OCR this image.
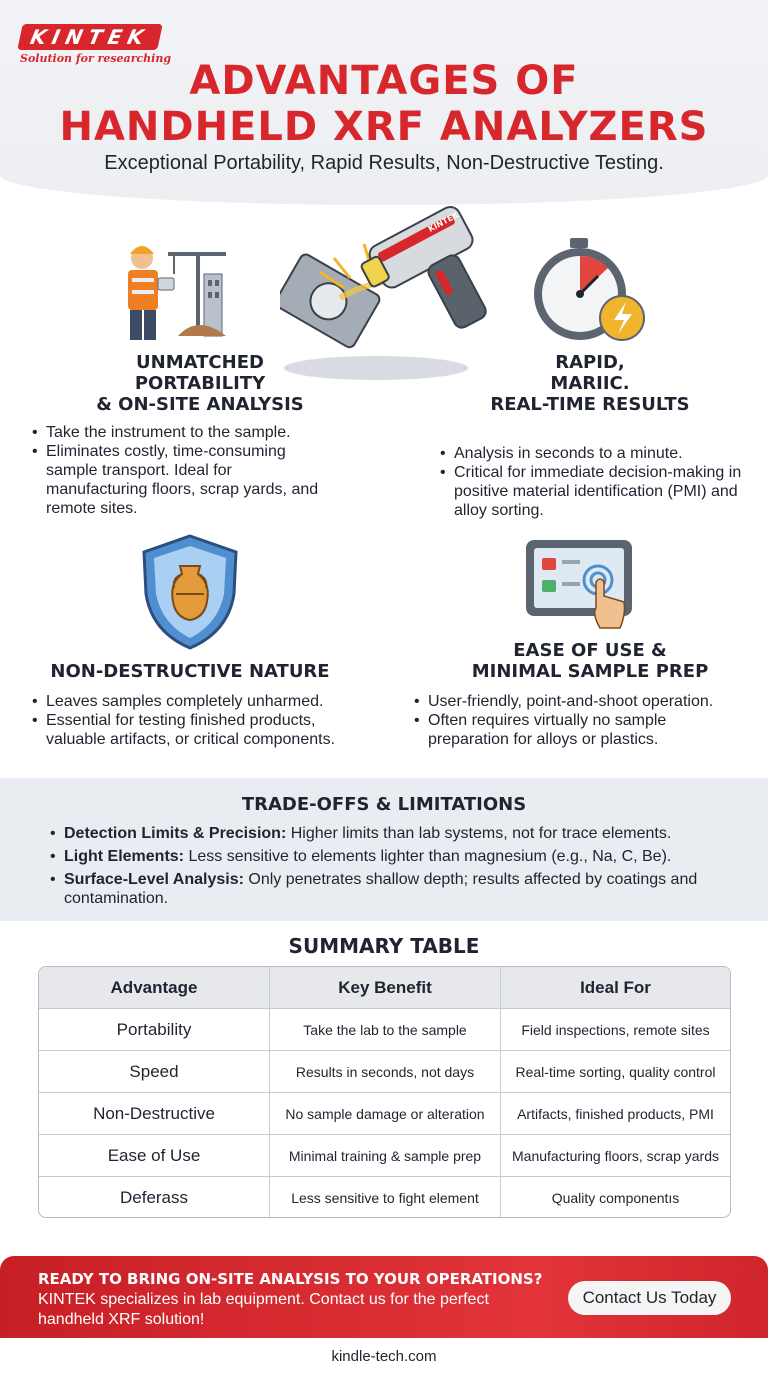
KINTEK
Solution for researching ADVANTAGES OF
HANDHELD XRF ANALYZERS
Exceptional Portability, Rapid Results, Non-Destructive Testing.
KINTEK
UNMATCHED
PORTABILITY
& ON-SITE ANALYSIS
• Take the instrument to the sample.
• Eliminates costly, time-consuming sample transport. Ideal for manufacturing floors, scrap yards, and remote sites.
RAPID,
MARIIC.
REAL-TIME RESULTS
• Analysis in seconds to a minute.
• Critical for immediate decision-making in positive material identification (PMI) and alloy sorting.
NON-DESTRUCTIVE NATURE
• Leaves samples completely unharmed.
• Essential for testing finished products, valuable artifacts, or critical components.
EASE OF USE &
MINIMAL SAMPLE PREP
• User-friendly, point-and-shoot operation.
• Often requires virtually no sample preparation for alloys or plastics.
TRADE-OFFS & LIMITATIONS
• Detection Limits & Precision: Higher limits than lab systems, not for trace elements.
• Light Elements: Less sensitive to elements lighter than magnesium (e.g., Na, C, Be).
• Surface-Level Analysis: Only penetrates shallow depth; results affected by coatings and contamination.
SUMMARY TABLE
Advantage	Key Benefit	Ideal For
Portability	Take the lab to the sample	Field inspections, remote sites
Speed	Results in seconds, not days	Real-time sorting, quality control
Non-Destructive	No sample damage or alteration	Artifacts, finished products, PMI
Ease of Use	Minimal training & sample prep	Manufacturing floors, scrap yards
Deferass	Less sensitive to fight element	Quality componentıs
READY TO BRING ON-SITE ANALYSIS TO YOUR OPERATIONS?
KINTEK specializes in lab equipment. Contact us for the perfect handheld XRF solution!
Contact Us Today
kindle-tech.com
